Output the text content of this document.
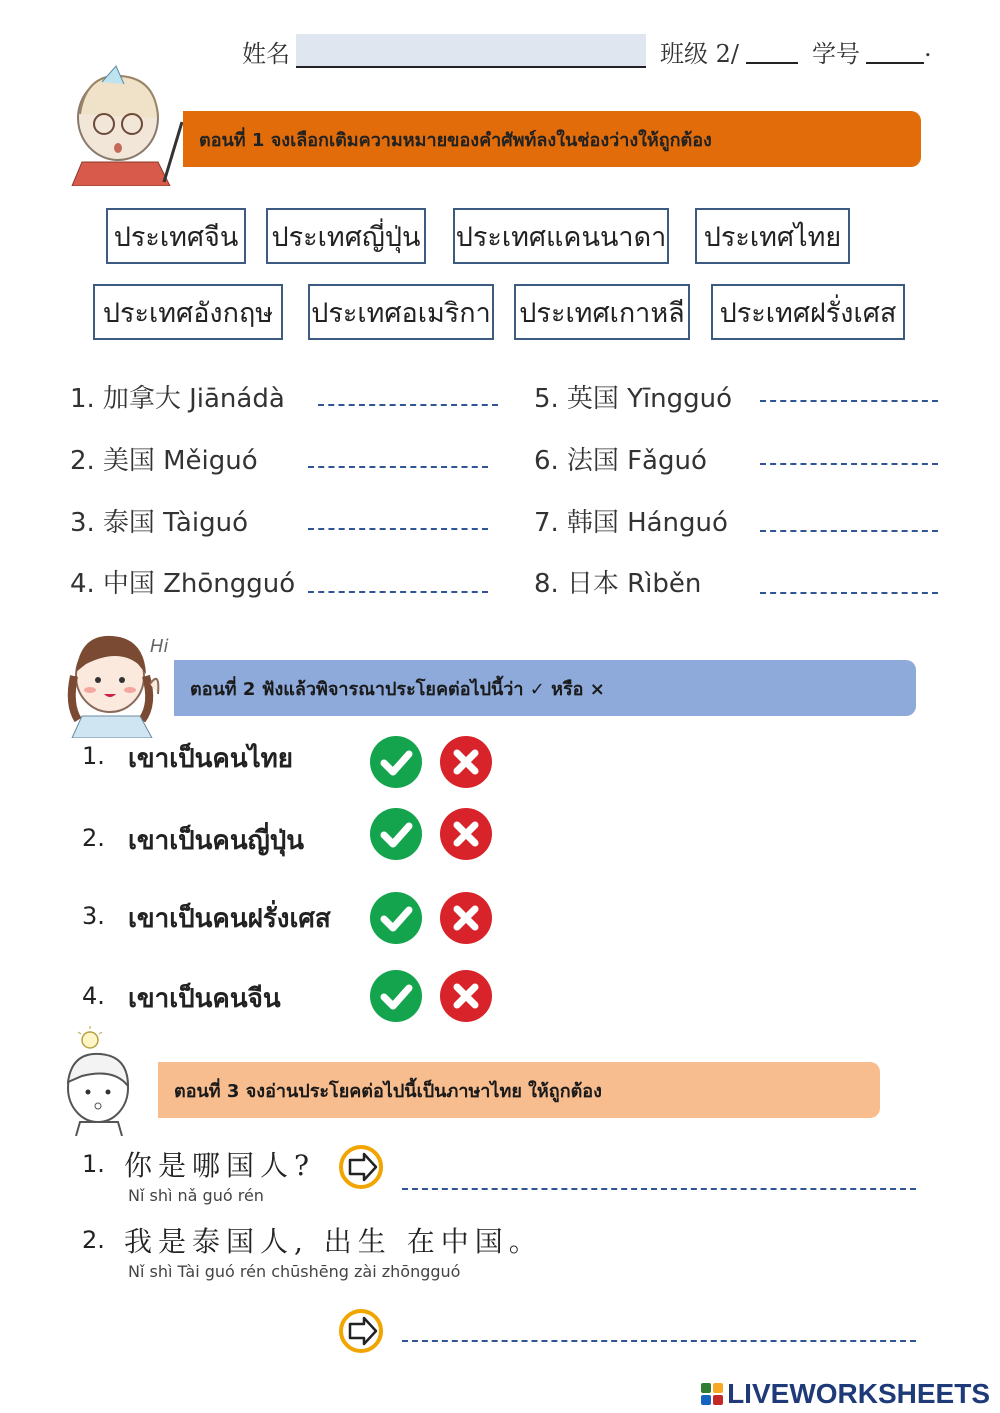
姓名	班级 2/	学号	.
ตอนที่ 1 จงเลือกเติมความหมายของคำศัพท์ลงในช่องว่างให้ถูกต้อง
ประเทศจีน ประเทศญี่ปุ่น ประเทศแคนนาดา	ประเทศไทย
ประเทศอังกฤษ	ประเทศอเมริกา ประเทศเกาหลี	ประเทศฝรั่งเศส
1. 加拿大 Jiānádà
2. 美国 Měiguó
3. 泰国 Tàiguó
4. 中国 Zhōngguó
5. 英国 Yīngguó
6. 法国 Fǎguó
7. 韩国 Hánguó
8. 日本 Rìběn
Hi
ตอนที่ 2 ฟังแล้วพิจารณาประโยคต่อไปนี้ว่า ✓ หรือ ×
1. เขาเป็นคนไทย
2. เขาเป็นคนญี่ปุ่น
3. เขาเป็นคนฝรั่งเศส
4. เขาเป็นคนจีน
ตอนที่ 3 จงอ่านประโยคต่อไปนี้เป็นภาษาไทย ให้ถูกต้อง
1. 你是哪国人?
Nǐ shì nǎ guó rén
2. 我是泰国人, 出生 在中国。
Nǐ shì Tài guó rén chūshēng zài zhōngguó
LIVEWORKSHEETS
